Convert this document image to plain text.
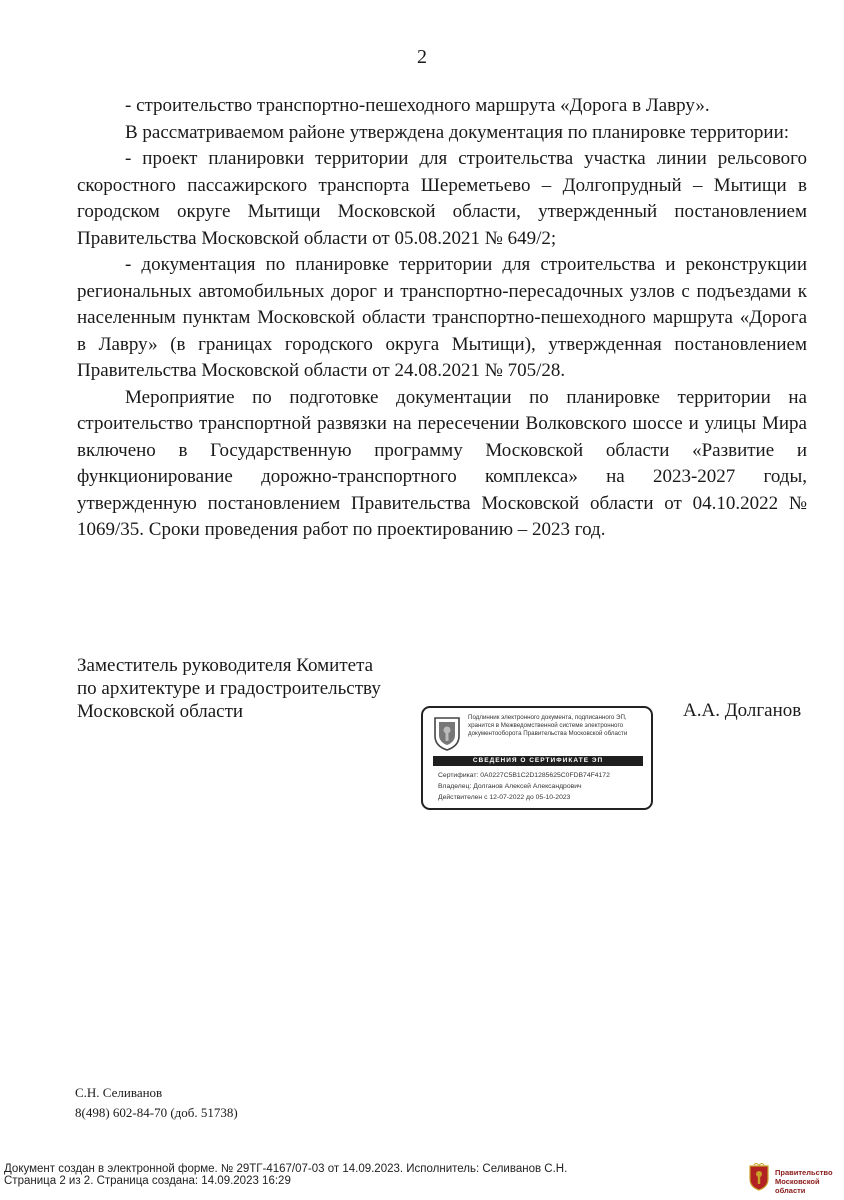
2

- строительство транспортно-пешеходного маршрута «Дорога в Лавру».

В рассматриваемом районе утверждена документация по планировке территории:

- проект планировки территории для строительства участка линии рельсового скоростного пассажирского транспорта Шереметьево – Долгопрудный – Мытищи в городском округе Мытищи Московской области, утвержденный постановлением Правительства Московской области от 05.08.2021 № 649/2;

- документация по планировке территории для строительства и реконструкции региональных автомобильных дорог и транспортно-пересадочных узлов с подъездами к населенным пунктам Московской области транспортно-пешеходного маршрута «Дорога в Лавру» (в границах городского округа Мытищи), утвержденная постановлением Правительства Московской области от 24.08.2021 № 705/28.

Мероприятие по подготовке документации по планировке территории на строительство транспортной развязки на пересечении Волковского шоссе и улицы Мира включено в Государственную программу Московской области «Развитие и функционирование дорожно-транспортного комплекса» на 2023-2027 годы, утвержденную постановлением Правительства Московской области от 04.10.2022 № 1069/35. Сроки проведения работ по проектированию – 2023 год.

Заместитель руководителя Комитета
по архитектуре и градостроительству
Московской области	Подлинник электронного документа, подписанного ЭП, хранится в Межведомственной системе электронного документооборота Правительства Московской области
СВЕДЕНИЯ О СЕРТИФИКАТЕ ЭП
Сертификат: 0A0227C5B1C2D1285625C0FDB74F4172
Владелец: Долганов Алексей Александрович
Действителен с 12-07-2022 до 05-10-2023
А.А. Долганов
С.Н. Селиванов
8(498) 602-84-70 (доб. 51738)
Документ создан в электронной форме. № 29ТГ-4167/07-03 от 14.09.2023. Исполнитель: Селиванов С.Н.
Страница 2 из 2. Страница создана: 14.09.2023 16:29
Правительство
Московской области
